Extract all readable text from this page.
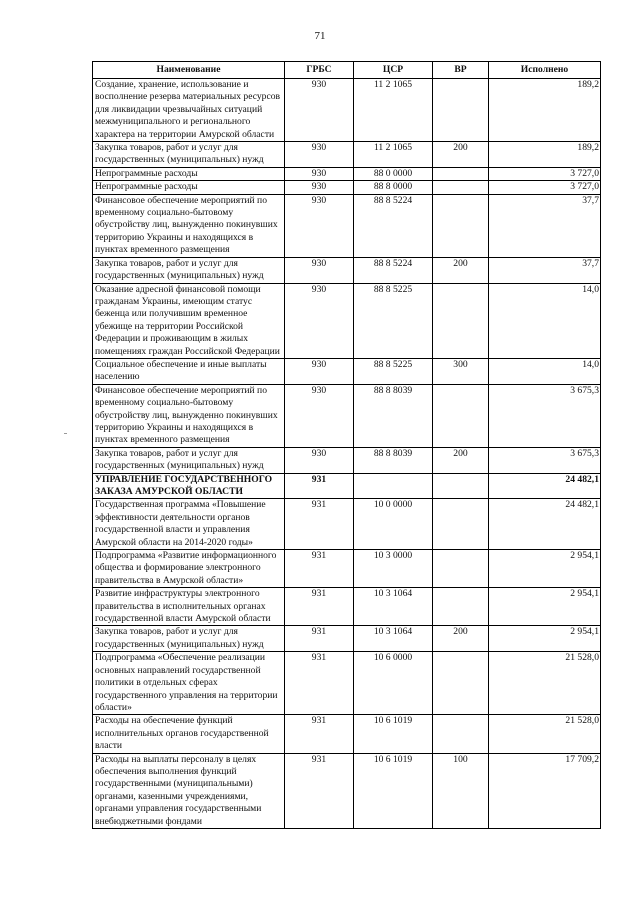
71
Наименование	ГРБС	ЦСР	ВР	Исполнено
Создание, хранение, использование и восполнение резерва материальных ресурсов для ликвидации чрезвычайных ситуаций межмуниципального и регионального характера на территории Амурской области	930	11 2 1065		189,2
Закупка товаров, работ и услуг для государственных (муниципальных) нужд	930	11 2 1065	200	189,2
Непрограммные расходы	930	88 0 0000		3 727,0
Непрограммные расходы	930	88 8 0000		3 727,0
Финансовое обеспечение мероприятий по временному социально-бытовому обустройству лиц, вынужденно покинувших территорию Украины и находящихся в пунктах временного размещения	930	88 8 5224		37,7
Закупка товаров, работ и услуг для государственных (муниципальных) нужд	930	88 8 5224	200	37,7
Оказание адресной финансовой помощи гражданам Украины, имеющим статус беженца или получившим временное убежище на территории Российской Федерации и проживающим в жилых помещениях граждан Российской Федерации	930	88 8 5225		14,0
Социальное обеспечение и иные выплаты населению	930	88 8 5225	300	14,0
Финансовое обеспечение мероприятий по временному социально-бытовому обустройству лиц, вынужденно покинувших территорию Украины и находящихся в пунктах временного размещения	930	88 8 8039		3 675,3
Закупка товаров, работ и услуг для государственных (муниципальных) нужд	930	88 8 8039	200	3 675,3
УПРАВЛЕНИЕ ГОСУДАРСТВЕННОГО ЗАКАЗА АМУРСКОЙ ОБЛАСТИ	931			24 482,1
Государственная программа «Повышение эффективности деятельности органов государственной власти и управления Амурской области на 2014-2020 годы»	931	10 0 0000		24 482,1
Подпрограмма «Развитие информационного общества и формирование электронного правительства в Амурской области»	931	10 3 0000		2 954,1
Развитие инфраструктуры электронного правительства в исполнительных органах государственной власти Амурской области	931	10 3 1064		2 954,1
Закупка товаров, работ и услуг для государственных (муниципальных) нужд	931	10 3 1064	200	2 954,1
Подпрограмма «Обеспечение реализации основных направлений государственной политики в отдельных сферах государственного управления на территории области»	931	10 6 0000		21 528,0
Расходы на обеспечение функций исполнительных органов государственной власти	931	10 6 1019		21 528,0
Расходы на выплаты персоналу в целях обеспечения выполнения функций государственными (муниципальными) органами, казенными учреждениями, органами управления государственными внебюджетными фондами	931	10 6 1019	100	17 709,2
